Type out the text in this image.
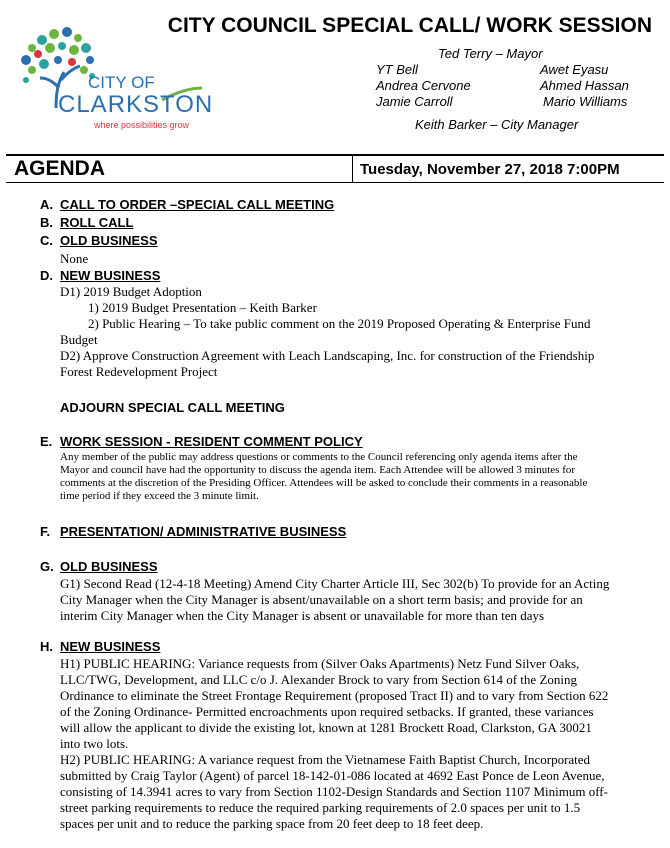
CITY OF
CLARKSTON
where possibilities grow
CITY COUNCIL SPECIAL CALL/ WORK SESSION
Ted Terry – Mayor
YT Bell
Andrea Cervone
Jamie Carroll
Awet Eyasu
Ahmed Hassan
Mario Williams
Keith Barker – City Manager
AGENDA	Tuesday, November 27, 2018 7:00PM
A. CALL TO ORDER –SPECIAL CALL MEETING
B. ROLL CALL
C. OLD BUSINESS
None
D. NEW BUSINESS
D1) 2019 Budget Adoption
1) 2019 Budget Presentation – Keith Barker
2) Public Hearing – To take public comment on the 2019 Proposed Operating & Enterprise Fund
Budget
D2) Approve Construction Agreement with Leach Landscaping, Inc. for construction of the Friendship
Forest Redevelopment Project
ADJOURN SPECIAL CALL MEETING
E. WORK SESSION - RESIDENT COMMENT POLICY
Any member of the public may address questions or comments to the Council referencing only agenda items after the
Mayor and council have had the opportunity to discuss the agenda item. Each Attendee will be allowed 3 minutes for
comments at the discretion of the Presiding Officer. Attendees will be asked to conclude their comments in a reasonable
time period if they exceed the 3 minute limit.
F. PRESENTATION/ ADMINISTRATIVE BUSINESS
G. OLD BUSINESS
G1) Second Read (12-4-18 Meeting) Amend City Charter Article III, Sec 302(b) To provide for an Acting
City Manager when the City Manager is absent/unavailable on a short term basis; and provide for an
interim City Manager when the City Manager is absent or unavailable for more than ten days
H. NEW BUSINESS
H1) PUBLIC HEARING: Variance requests from (Silver Oaks Apartments) Netz Fund Silver Oaks,
LLC/TWG, Development, and LLC c/o J. Alexander Brock to vary from Section 614 of the Zoning
Ordinance to eliminate the Street Frontage Requirement (proposed Tract II) and to vary from Section 622
of the Zoning Ordinance- Permitted encroachments upon required setbacks. If granted, these variances
will allow the applicant to divide the existing lot, known at 1281 Brockett Road, Clarkston, GA 30021
into two lots.
H2) PUBLIC HEARING: A variance request from the Vietnamese Faith Baptist Church, Incorporated
submitted by Craig Taylor (Agent) of parcel 18-142-01-086 located at 4692 East Ponce de Leon Avenue,
consisting of 14.3941 acres to vary from Section 1102-Design Standards and Section 1107 Minimum off-
street parking requirements to reduce the required parking requirements of 2.0 spaces per unit to 1.5
spaces per unit and to reduce the parking space from 20 feet deep to 18 feet deep.
